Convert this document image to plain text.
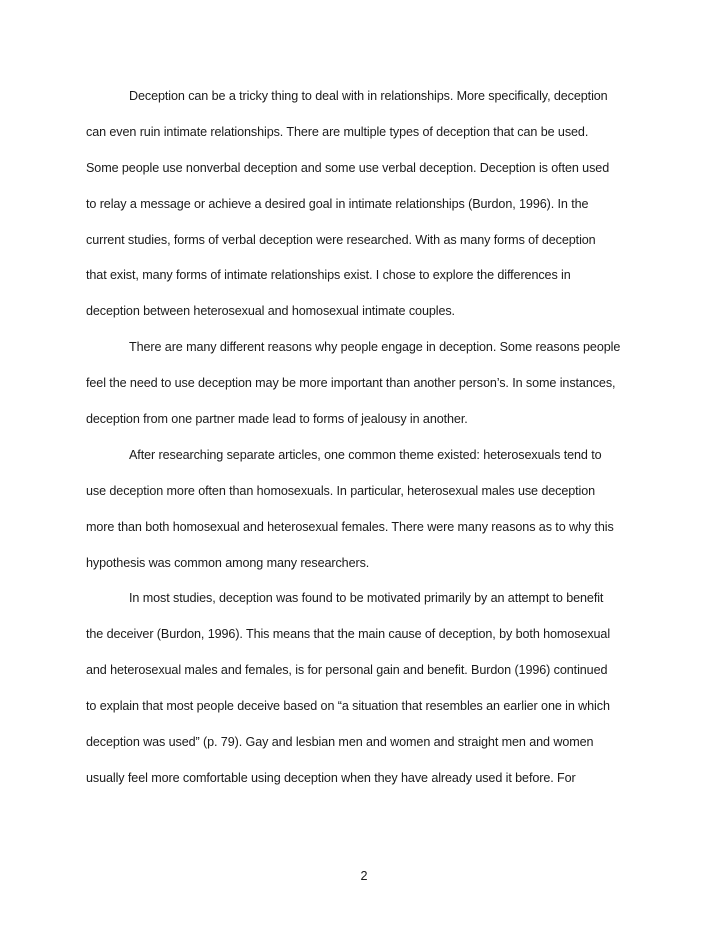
Deception can be a tricky thing to deal with in relationships. More specifically, deception
can even ruin intimate relationships. There are multiple types of deception that can be used.
Some people use nonverbal deception and some use verbal deception. Deception is often used
to relay a message or achieve a desired goal in intimate relationships (Burdon, 1996). In the
current studies, forms of verbal deception were researched. With as many forms of deception
that exist, many forms of intimate relationships exist. I chose to explore the differences in
deception between heterosexual and homosexual intimate couples.

There are many different reasons why people engage in deception. Some reasons people
feel the need to use deception may be more important than another person’s. In some instances,
deception from one partner made lead to forms of jealousy in another.

After researching separate articles, one common theme existed: heterosexuals tend to
use deception more often than homosexuals. In particular, heterosexual males use deception
more than both homosexual and heterosexual females. There were many reasons as to why this
hypothesis was common among many researchers.

In most studies, deception was found to be motivated primarily by an attempt to benefit
the deceiver (Burdon, 1996). This means that the main cause of deception, by both homosexual
and heterosexual males and females, is for personal gain and benefit. Burdon (1996) continued
to explain that most people deceive based on “a situation that resembles an earlier one in which
deception was used” (p. 79). Gay and lesbian men and women and straight men and women
usually feel more comfortable using deception when they have already used it before. For

2
